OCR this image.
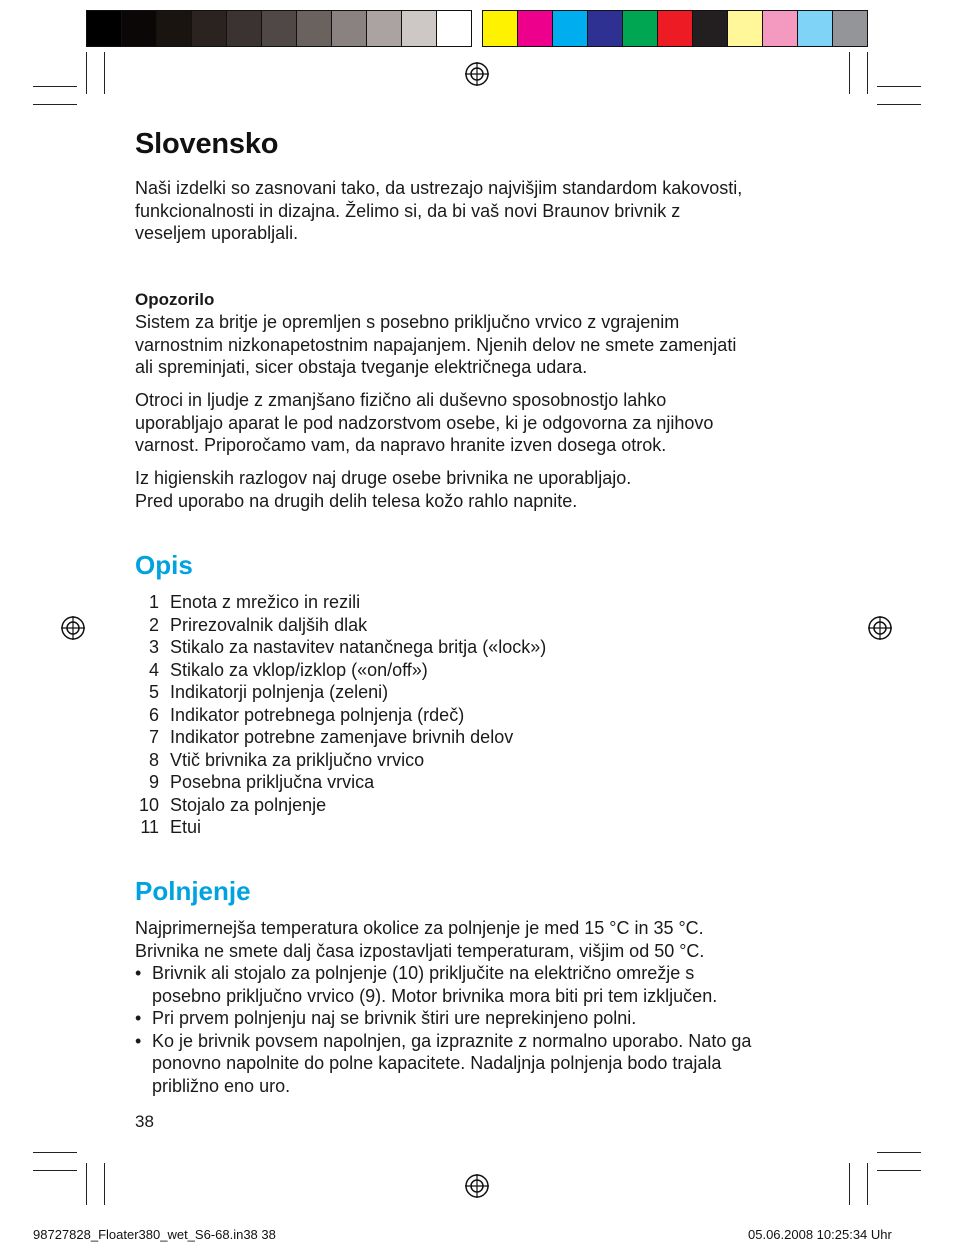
Slovensko

Naši izdelki so zasnovani tako, da ustrezajo najvišjim standardom kakovosti,
funkcionalnosti in dizajna. Želimo si, da bi vaš novi Braunov brivnik z
veseljem uporabljali.

Opozorilo

Sistem za britje je opremljen s posebno priključno vrvico z vgrajenim
varnostnim nizkonapetostnim napajanjem. Njenih delov ne smete zamenjati
ali spreminjati, sicer obstaja tveganje električnega udara.

Otroci in ljudje z zmanjšano fizično ali duševno sposobnostjo lahko
uporabljajo aparat le pod nadzorstvom osebe, ki je odgovorna za njihovo
varnost. Priporočamo vam, da napravo hranite izven dosega otrok.

Iz higienskih razlogov naj druge osebe brivnika ne uporabljajo.
Pred uporabo na drugih delih telesa kožo rahlo napnite.

Opis
1 Enota z mrežico in rezili
2 Prirezovalnik daljših dlak
3 Stikalo za nastavitev natančnega britja («lock»)
4 Stikalo za vklop/izklop («on/off»)
5 Indikatorji polnjenja (zeleni)
6 Indikator potrebnega polnjenja (rdeč)
7 Indikator potrebne zamenjave brivnih delov
8 Vtič brivnika za priključno vrvico
9 Posebna priključna vrvica
10 Stojalo za polnjenje
11 Etui
Polnjenje

Najprimernejša temperatura okolice za polnjenje je med 15 °C in 35 °C.
Brivnika ne smete dalj časa izpostavljati temperaturam, višjim od 50 °C.

• Brivnik ali stojalo za polnjenje (10) priključite na električno omrežje s
posebno priključno vrvico (9). Motor brivnika mora biti pri tem izključen.
• Pri prvem polnjenju naj se brivnik štiri ure neprekinjeno polni.
• Ko je brivnik povsem napolnjen, ga izpraznite z normalno uporabo. Nato ga
ponovno napolnite do polne kapacitete. Nadaljnja polnjenja bodo trajala
približno eno uro.
38
98727828_Floater380_wet_S6-68.in38 38	05.06.2008 10:25:34 Uhr
